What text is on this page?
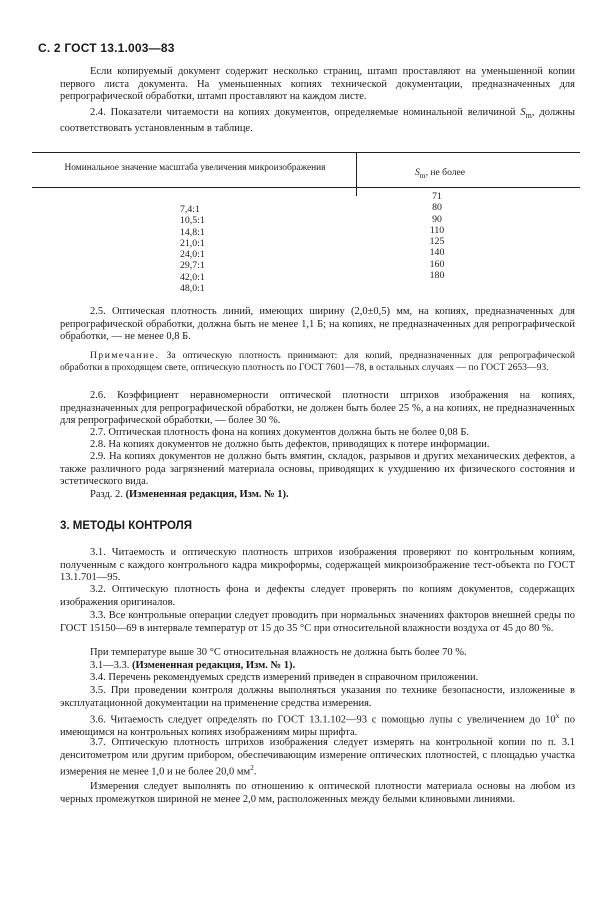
С. 2 ГОСТ 13.1.003—83
Если копируемый документ содержит несколько страниц, штамп проставляют на уменьшенной копии первого листа документа. На уменьшенных копиях технической документации, предназначенных для репрографической обработки, штамп проставляют на каждом листе.
2.4. Показатели читаемости на копиях документов, определяемые номинальной величиной $S_m$, должны соответствовать установленным в таблице.
Номинальное значение масштаба увеличения микроизображения	$S_m$, не более
7,4:1
10,5:1
14,8:1
21,0:1
24,0:1
29,7:1
42,0:1
48,0:1
71
80
90
110
125
140
160
180
2.5. Оптическая плотность линий, имеющих ширину (2,0±0,5) мм, на копиях, предназначенных для репрографической обработки, должна быть не менее 1,1 Б; на копиях, не предназначенных для репрографической обработки, — не менее 0,8 Б.
Примечание. За оптическую плотность принимают: для копий, предназначенных для репрографической обработки в проходящем свете, оптическую плотность по ГОСТ 7601—78, в остальных случаях — по ГОСТ 2653—93.
2.6. Коэффициент неравномерности оптической плотности штрихов изображения на копиях, предназначенных для репрографической обработки, не должен быть более 25 %, а на копиях, не предназначенных для репрографической обработки, — более 30 %.
2.7. Оптическая плотность фона на копиях документов должна быть не более 0,08 Б.
2.8. На копиях документов не должно быть дефектов, приводящих к потере информации.
2.9. На копиях документов не должно быть вмятин, складок, разрывов и других механических дефектов, а также различного рода загрязнений материала основы, приводящих к ухудшению их физического состояния и эстетического вида.
Разд. 2. (Измененная редакция, Изм. № 1).
3. МЕТОДЫ КОНТРОЛЯ
3.1. Читаемость и оптическую плотность штрихов изображения проверяют по контрольным копиям, полученным с каждого контрольного кадра микроформы, содержащей микроизображение тест-объекта по ГОСТ 13.1.701—95.
3.2. Оптическую плотность фона и дефекты следует проверять по копиям документов, содержащих изображения оригиналов.
3.3. Все контрольные операции следует проводить при нормальных значениях факторов внешней среды по ГОСТ 15150—69 в интервале температур от 15 до 35 °С при относительной влажности воздуха от 45 до 80 %.
При температуре выше 30 °С относительная влажность не должна быть более 70 %.
3.1—3.3. (Измененная редакция, Изм. № 1).
3.4. Перечень рекомендуемых средств измерений приведен в справочном приложении.
3.5. При проведении контроля должны выполняться указания по технике безопасности, изложенные в эксплуатационной документации на применение средства измерения.
3.6. Читаемость следует определять по ГОСТ 13.1.102—93 с помощью лупы с увеличением до 10$^x$ по имеющимся на контрольных копиях изображениям миры шрифта.
3.7. Оптическую плотность штрихов изображения следует измерять на контрольной копии по п. 3.1 денситометром или другим прибором, обеспечивающим измерение оптических плотностей, с площадью участка измерения не менее 1,0 и не более 20,0 $мм^2$.
Измерения следует выполнять по отношению к оптической плотности материала основы на любом из черных промежутков шириной не менее 2,0 мм, расположенных между белыми клиновыми линиями.
